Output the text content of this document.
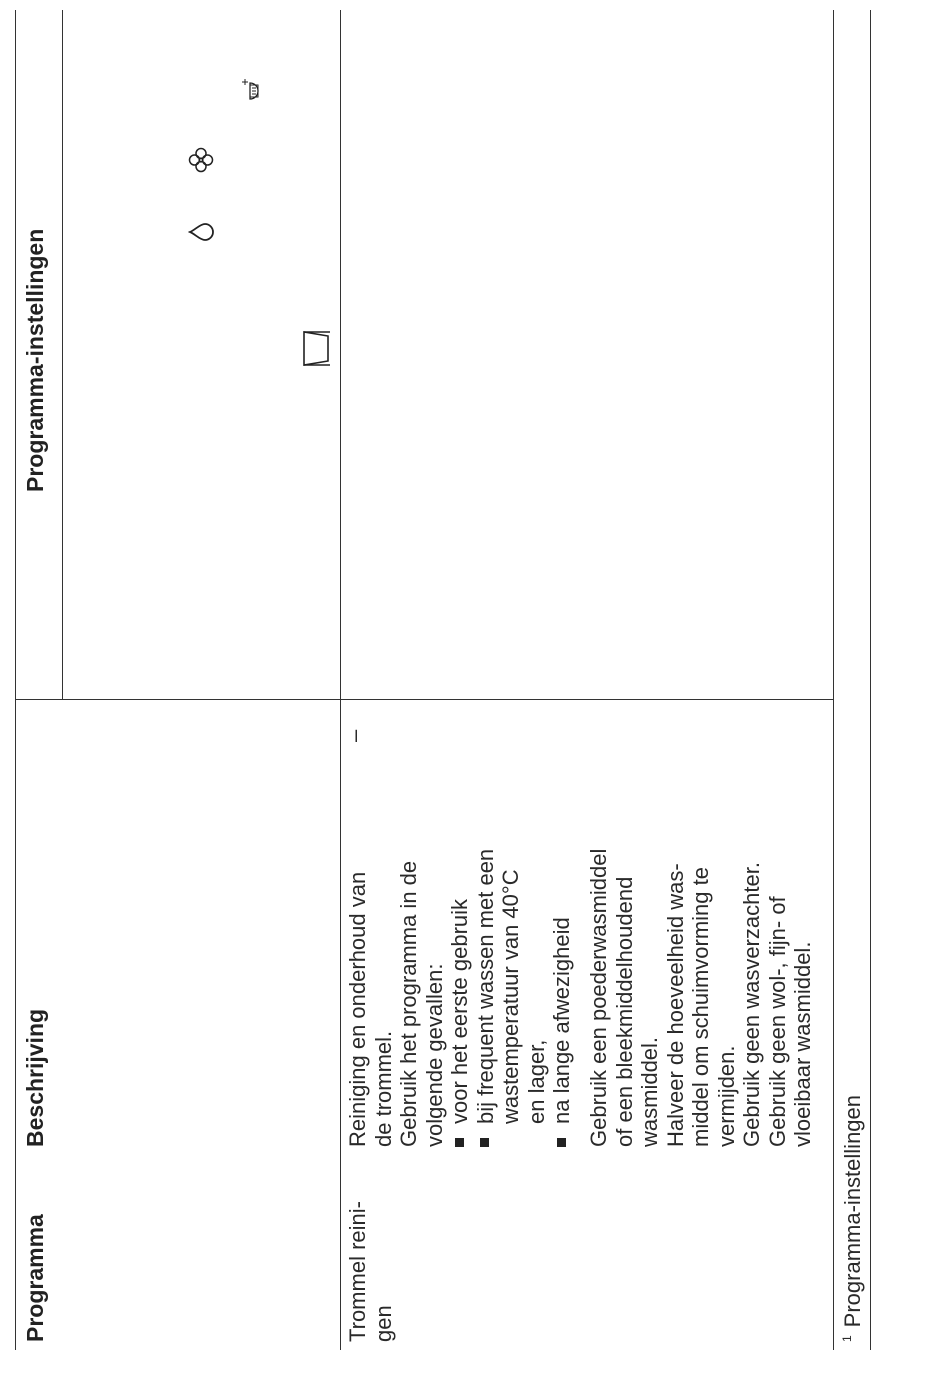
Programma
Beschrijving
Programma-instellingen
Trommel reini- gen
Reiniging en onderhoud van de trommel. Gebruik het programma in de volgende gevallen: voor het eerste gebruik bij frequent wassen met een wastemperatuur van 40°C en lager, na lange afwezigheid Gebruik een poederwasmiddel of een bleekmiddelhoudend wasmiddel. Halveer de hoeveelheid was- middel om schuimvorming te vermijden. Gebruik geen wasverzachter. Gebruik geen wol-, fijn- of vloeibaar wasmiddel.
–
$^1$Programma-instellingen
